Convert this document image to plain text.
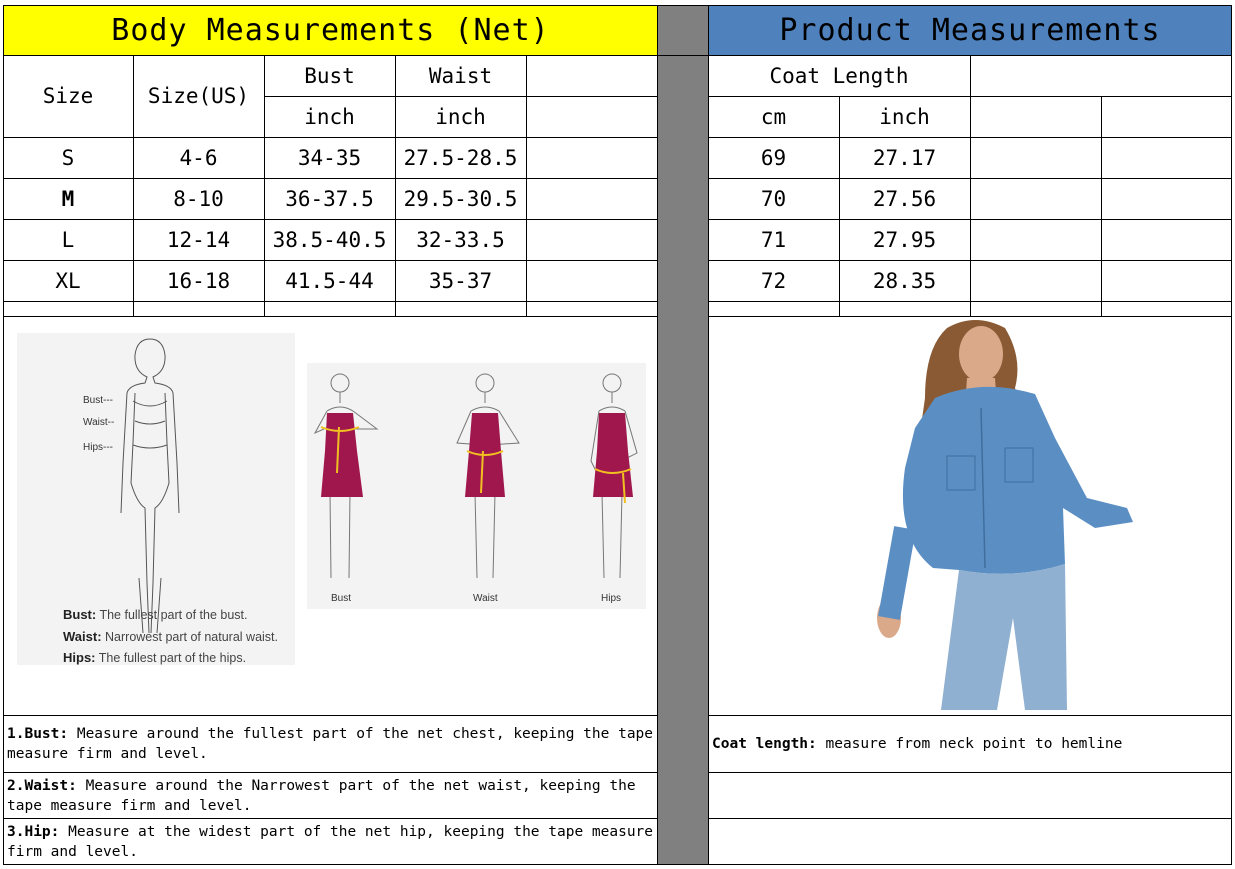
Body Measurements (Net)	Product Measurements
Size	Size(US)
Bust	Waist
inch	inch
S	4-6	34-35	27.5-28.5
M	8-10	36-37.5	29.5-30.5
L	12-14	38.5-40.5	32-33.5
XL	16-18	41.5-44	35-37
Coat Length
cm	inch
69	27.17
70	27.56
71	27.95
72	28.35
Bust---
Waist--
Hips---
Bust: The fullest part of the bust.
Waist: Narrowest part of natural waist.
Hips: The fullest part of the hips.
Bust	Waist	Hips
1.Bust: Measure around the fullest part of the net chest, keeping the tape measure firm and level.
2.Waist: Measure around the Narrowest part of the net waist, keeping the tape measure firm and level.
3.Hip: Measure at the widest part of the net hip, keeping the tape measure firm and level.
Coat length: measure from neck point to hemline
